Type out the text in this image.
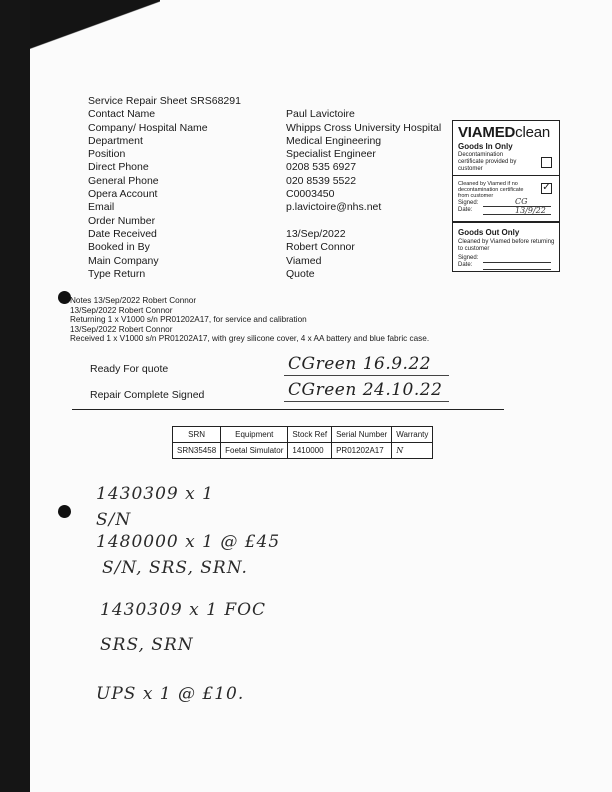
Service Repair Sheet SRS68291
Contact Name	Paul Lavictoire
Company/ Hospital Name	Whipps Cross University Hospital
Department	Medical Engineering
Position	Specialist Engineer
Direct Phone	0208 535 6927
General Phone	020 8539 5522
Opera Account	C0003450
Email	p.lavictoire@nhs.net
Order Number
Date Received	13/Sep/2022
Booked in By	Robert Connor
Main Company	Viamed
Type Return	Quote
VIAMEDclean
Goods In Only
Decontamination certificate provided by customer
Cleaned by Viamed if no decontamination certificate from customer
✓
Signed:
Date:
CG
13/9/22
Goods Out Only
Cleaned by Viamed before returning to customer
Signed:
Date:
Notes 13/Sep/2022 Robert Connor
13/Sep/2022 Robert Connor
Returning 1 x V1000 s/n PR01202A17, for service and calibration
13/Sep/2022 Robert Connor
Received 1 x V1000 s/n PR01202A17, with grey silicone cover, 4 x AA battery and blue fabric case.
Ready For quote	CGreen 16.9.22
Repair Complete Signed	CGreen 24.10.22
SRN	Equipment	Stock Ref	Serial Number	Warranty
SRN35458	Foetal Simulator	1410000	PR01202A17	N
1430309 x 1
S/N
1480000 x 1 @ £45
S/N, SRS, SRN.
1430309 x 1 FOC
SRS, SRN
UPS x 1 @ £10.
